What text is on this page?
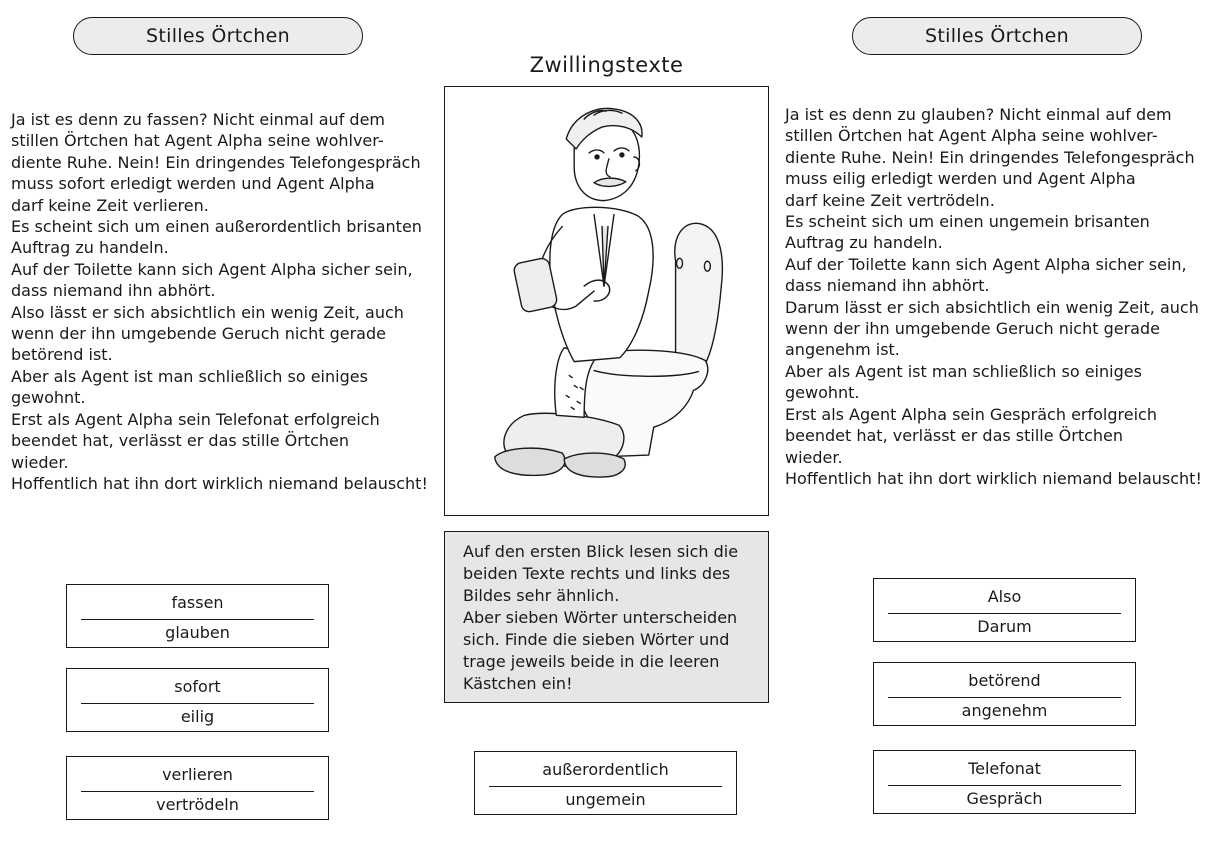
Stilles Örtchen	Stilles Örtchen
Zwillingstexte

Ja ist es denn zu fassen? Nicht einmal auf dem
stillen Örtchen hat Agent Alpha seine wohlver-
diente Ruhe. Nein! Ein dringendes Telefongespräch
muss sofort erledigt werden und Agent Alpha
darf keine Zeit verlieren.
Es scheint sich um einen außerordentlich brisanten
Auftrag zu handeln.
Auf der Toilette kann sich Agent Alpha sicher sein,
dass niemand ihn abhört.
Also lässt er sich absichtlich ein wenig Zeit, auch
wenn der ihn umgebende Geruch nicht gerade
betörend ist.
Aber als Agent ist man schließlich so einiges
gewohnt.
Erst als Agent Alpha sein Telefonat erfolgreich
beendet hat, verlässt er das stille Örtchen
wieder.
Hoffentlich hat ihn dort wirklich niemand belauscht!

Ja ist es denn zu glauben? Nicht einmal auf dem
stillen Örtchen hat Agent Alpha seine wohlver-
diente Ruhe. Nein! Ein dringendes Telefongespräch
muss eilig erledigt werden und Agent Alpha
darf keine Zeit vertrödeln.
Es scheint sich um einen ungemein brisanten
Auftrag zu handeln.
Auf der Toilette kann sich Agent Alpha sicher sein,
dass niemand ihn abhört.
Darum lässt er sich absichtlich ein wenig Zeit, auch
wenn der ihn umgebende Geruch nicht gerade
angenehm ist.
Aber als Agent ist man schließlich so einiges
gewohnt.
Erst als Agent Alpha sein Gespräch erfolgreich
beendet hat, verlässt er das stille Örtchen
wieder.
Hoffentlich hat ihn dort wirklich niemand belauscht!

Auf den ersten Blick lesen sich die
beiden Texte rechts und links des
Bildes sehr ähnlich.
Aber sieben Wörter unterscheiden
sich. Finde die sieben Wörter und
trage jeweils beide in die leeren
Kästchen ein!
fassen
glauben
sofort
eilig
verlieren
vertrödeln
außerordentlich
ungemein
Also
Darum
betörend
angenehm
Telefonat
Gespräch
